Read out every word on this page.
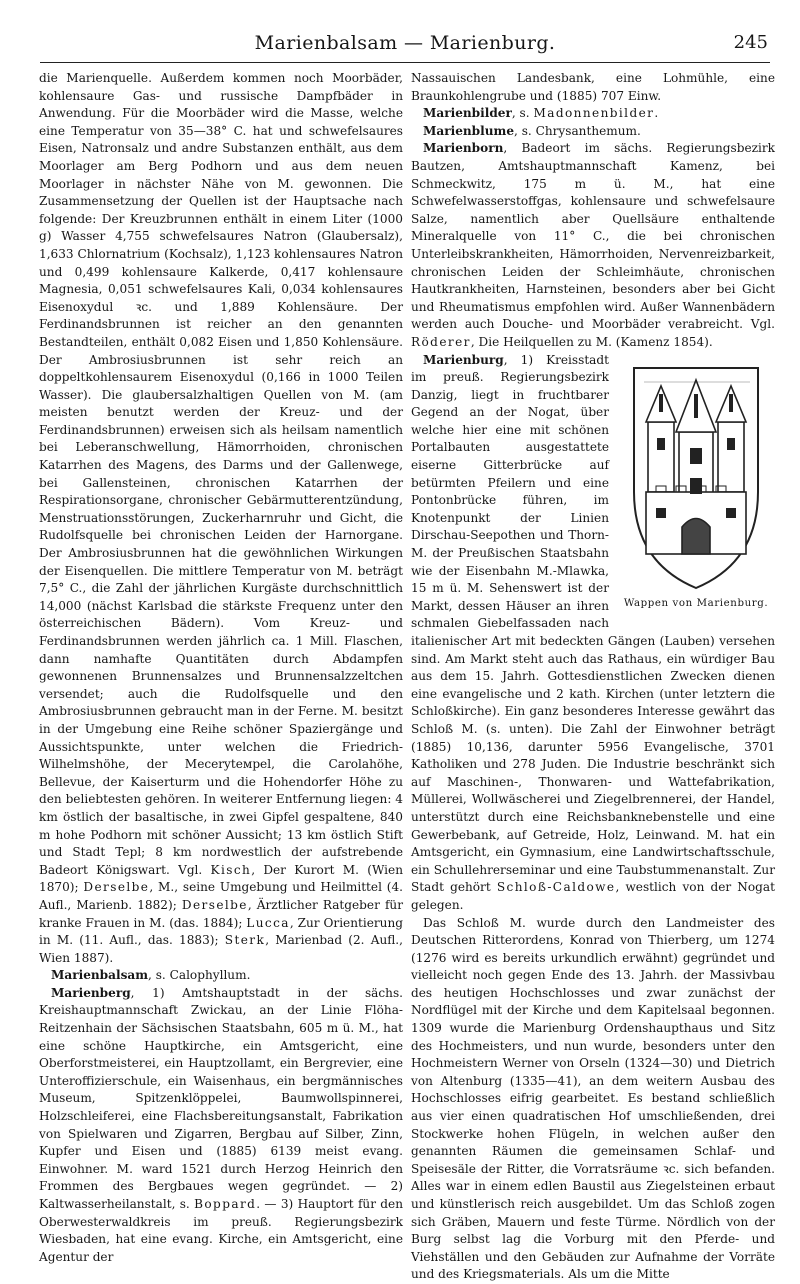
Marienbalsam — Marienburg.	245

die Marienquelle. Außerdem kommen noch Moorbäder, kohlensaure Gas- und russische Dampfbäder in Anwendung. Für die Moorbäder wird die Masse, welche eine Temperatur von 35—38° C. hat und schwefelsaures Eisen, Natronsalz und andre Substanzen enthält, aus dem Moorlager am Berg Podhorn und aus dem neuen Moorlager in nächster Nähe von M. gewonnen. Die Zusammensetzung der Quellen ist der Hauptsache nach folgende: Der Kreuzbrunnen enthält in einem Liter (1000 g) Wasser 4,755 schwefelsaures Natron (Glaubersalz), 1,633 Chlornatrium (Kochsalz), 1,123 kohlensaures Natron und 0,499 kohlensaure Kalkerde, 0,417 kohlensaure Magnesia, 0,051 schwefelsaures Kali, 0,034 kohlensaures Eisenoxydul ꝛc. und 1,889 Kohlensäure. Der Ferdinandsbrunnen ist reicher an den genannten Bestandteilen, enthält 0,082 Eisen und 1,850 Kohlensäure. Der Ambrosiusbrunnen ist sehr reich an doppeltkohlensaurem Eisenoxydul (0,166 in 1000 Teilen Wasser). Die glaubersalzhaltigen Quellen von M. (am meisten benutzt werden der Kreuz- und der Ferdinandsbrunnen) erweisen sich als heilsam namentlich bei Leberanschwellung, Hämorrhoiden, chronischen Katarrhen des Magens, des Darms und der Gallenwege, bei Gallensteinen, chronischen Katarrhen der Respirationsorgane, chronischer Gebärmutterentzündung, Menstruationsstörungen, Zuckerharnruhr und Gicht, die Rudolfsquelle bei chronischen Leiden der Harnorgane. Der Ambrosiusbrunnen hat die gewöhnlichen Wirkungen der Eisenquellen. Die mittlere Temperatur von M. beträgt 7,5° C., die Zahl der jährlichen Kurgäste durchschnittlich 14,000 (nächst Karlsbad die stärkste Frequenz unter den österreichischen Bädern). Vom Kreuz- und Ferdinandsbrunnen werden jährlich ca. 1 Mill. Flaschen, dann namhafte Quantitäten durch Abdampfen gewonnenen Brunnensalzes und Brunnensalzzeltchen versendet; auch die Rudolfsquelle und den Ambrosiusbrunnen gebraucht man in der Ferne. M. besitzt in der Umgebung eine Reihe schöner Spaziergänge und Aussichtspunkte, unter welchen die Friedrich-Wilhelmshöhe, der Meceryteмpel, die Carolahöhe, Bellevue, der Kaiserturm und die Hohendorfer Höhe zu den beliebtesten gehören. In weiterer Entfernung liegen: 4 km östlich der basaltische, in zwei Gipfel gespaltene, 840 m hohe Podhorn mit schöner Aussicht; 13 km östlich Stift und Stadt Tepl; 8 km nordwestlich der aufstrebende Badeort Königswart. Vgl. Kisch, Der Kurort M. (Wien 1870); Derselbe, M., seine Umgebung und Heilmittel (4. Aufl., Marienb. 1882); Derselbe, Ärztlicher Ratgeber für kranke Frauen in M. (das. 1884); Lucca, Zur Orientierung in M. (11. Aufl., das. 1883); Sterk, Marienbad (2. Aufl., Wien 1887).

Marienbalsam, s. Calophyllum.

Marienberg, 1) Amtshauptstadt in der sächs. Kreishauptmannschaft Zwickau, an der Linie Flöha-Reitzenhain der Sächsischen Staatsbahn, 605 m ü. M., hat eine schöne Hauptkirche, ein Amtsgericht, eine Oberforstmeisterei, ein Hauptzollamt, ein Bergrevier, eine Unteroffizierschule, ein Waisenhaus, ein bergmännisches Museum, Spitzenklöppelei, Baumwollspinnerei, Holzschleiferei, eine Flachsbereitungsanstalt, Fabrikation von Spielwaren und Zigarren, Bergbau auf Silber, Zinn, Kupfer und Eisen und (1885) 6139 meist evang. Einwohner. M. ward 1521 durch Herzog Heinrich den Frommen des Bergbaues wegen gegründet. — 2) Kaltwasserheilanstalt, s. Boppard. — 3) Hauptort für den Oberwesterwaldkreis im preuß. Regierungsbezirk Wiesbaden, hat eine evang. Kirche, ein Amtsgericht, eine Agentur der

Nassauischen Landesbank, eine Lohmühle, eine Braunkohlengrube und (1885) 707 Einw.

Marienbilder, s. Madonnenbilder.

Marienblume, s. Chrysanthemum.

Marienborn, Badeort im sächs. Regierungsbezirk Bautzen, Amtshauptmannschaft Kamenz, bei Schmeckwitz, 175 m ü. M., hat eine Schwefelwasserstoffgas, kohlensaure und schwefelsaure Salze, namentlich aber Quellsäure enthaltende Mineralquelle von 11° C., die bei chronischen Unterleibskrankheiten, Hämorrhoiden, Nervenreizbarkeit, chronischen Leiden der Schleimhäute, chronischen Hautkrankheiten, Harnsteinen, besonders aber bei Gicht und Rheumatismus empfohlen wird. Außer Wannenbädern werden auch Douche- und Moorbäder verabreicht. Vgl. Röderer, Die Heilquellen zu M. (Kamenz 1854).

Marienburg
Wappen von Marienburg.
, 1) Kreisstadt im preuß. Regierungsbezirk Danzig, liegt in fruchtbarer Gegend an der Nogat, über welche hier eine mit schönen Portalbauten ausgestattete eiserne Gitterbrücke auf betürmten Pfeilern und eine Pontonbrücke führen, im Knotenpunkt der Linien Dirschau-Seepothen und Thorn-M. der Preußischen Staatsbahn wie der Eisenbahn M.-Mlawka, 15 m ü. M. Sehenswert ist der Markt, dessen Häuser an ihren schmalen Giebelfassaden nach italienischer Art mit bedeckten Gängen (Lauben) versehen sind. Am Markt steht auch das Rathaus, ein würdiger Bau aus dem 15. Jahrh. Gottesdienstlichen Zwecken dienen eine evangelische und 2 kath. Kirchen (unter letztern die Schloßkirche). Ein ganz besonderes Interesse gewährt das Schloß M. (s. unten). Die Zahl der Einwohner beträgt (1885) 10,136, darunter 5956 Evangelische, 3701 Katholiken und 278 Juden. Die Industrie beschränkt sich auf Maschinen-, Thonwaren- und Wattefabrikation, Müllerei, Wollwäscherei und Ziegelbrennerei, der Handel, unterstützt durch eine Reichsbanknebenstelle und eine Gewerbebank, auf Getreide, Holz, Leinwand. M. hat ein Amtsgericht, ein Gymnasium, eine Landwirtschaftsschule, ein Schullehrerseminar und eine Taubstummenanstalt. Zur Stadt gehört Schloß-Caldowe, westlich von der Nogat gelegen.

Das Schloß M. wurde durch den Landmeister des Deutschen Ritterordens, Konrad von Thierberg, um 1274 (1276 wird es bereits urkundlich erwähnt) gegründet und vielleicht noch gegen Ende des 13. Jahrh. der Massivbau des heutigen Hochschlosses und zwar zunächst der Nordflügel mit der Kirche und dem Kapitelsaal begonnen. 1309 wurde die Marienburg Ordenshaupthaus und Sitz des Hochmeisters, und nun wurde, besonders unter den Hochmeistern Werner von Orseln (1324—30) und Dietrich von Altenburg (1335—41), an dem weitern Ausbau des Hochschlosses eifrig gearbeitet. Es bestand schließlich aus vier einen quadratischen Hof umschließenden, drei Stockwerke hohen Flügeln, in welchen außer den genannten Räumen die gemeinsamen Schlaf- und Speisesäle der Ritter, die Vorratsräume ꝛc. sich befanden. Alles war in einem edlen Baustil aus Ziegelsteinen erbaut und künstlerisch reich ausgebildet. Um das Schloß zogen sich Gräben, Mauern und feste Türme. Nördlich von der Burg selbst lag die Vorburg mit den Pferde- und Viehställen und den Gebäuden zur Aufnahme der Vorräte und des Kriegsmaterials. Als um die Mitte
